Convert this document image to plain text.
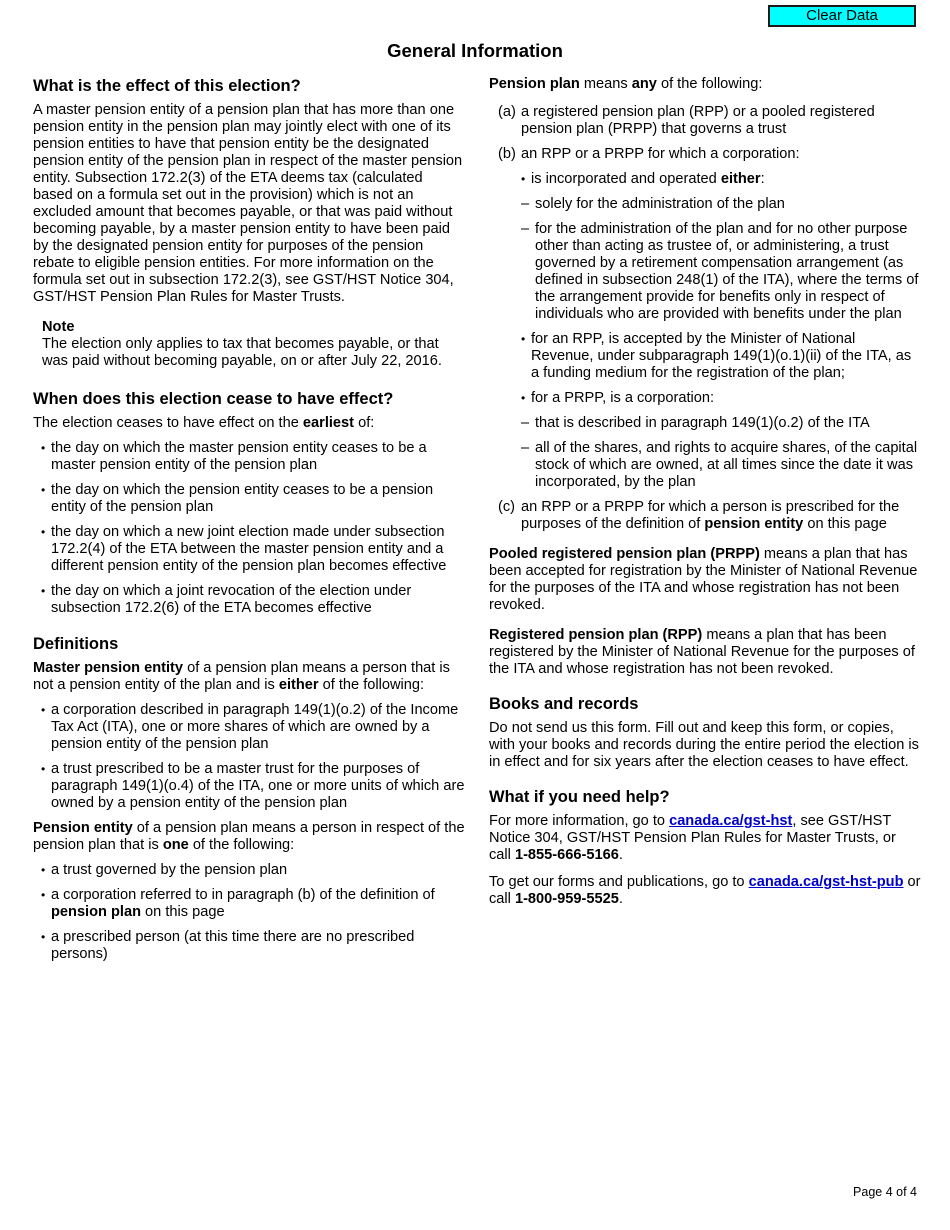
Clear Data
General Information
What is the effect of this election?

A master pension entity of a pension plan that has more than one pension entity in the pension plan may jointly elect with one of its pension entities to have that pension entity be the designated pension entity of the pension plan in respect of the master pension entity. Subsection 172.2(3) of the ETA deems tax (calculated based on a formula set out in the provision) which is not an excluded amount that becomes payable, or that was paid without becoming payable, by a master pension entity to have been paid by the designated pension entity for purposes of the pension rebate to eligible pension entities. For more information on the formula set out in subsection 172.2(3), see GST/HST Notice 304, GST/HST Pension Plan Rules for Master Trusts.

Note

The election only applies to tax that becomes payable, or that was paid without becoming payable, on or after July 22, 2016.

When does this election cease to have effect?

The election ceases to have effect on the earliest of:

• the day on which the master pension entity ceases to be a master pension entity of the pension plan
• the day on which the pension entity ceases to be a pension entity of the pension plan
• the day on which a new joint election made under subsection 172.2(4) of the ETA between the master pension entity and a different pension entity of the pension plan becomes effective
• the day on which a joint revocation of the election under subsection 172.2(6) of the ETA becomes effective
Definitions

Master pension entity of a pension plan means a person that is not a pension entity of the plan and is either of the following:

• a corporation described in paragraph 149(1)(o.2) of the Income Tax Act (ITA), one or more shares of which are owned by a pension entity of the pension plan
• a trust prescribed to be a master trust for the purposes of paragraph 149(1)(o.4) of the ITA, one or more units of which are owned by a pension entity of the pension plan

Pension entity of a pension plan means a person in respect of the pension plan that is one of the following:

• a trust governed by the pension plan
• a corporation referred to in paragraph (b) of the definition of pension plan on this page
• a prescribed person (at this time there are no prescribed persons)

Pension plan means any of the following:

(a) a registered pension plan (RPP) or a pooled registered pension plan (PRPP) that governs a trust
(b) an RPP or a PRPP for which a corporation:
• is incorporated and operated either:
– solely for the administration of the plan
– for the administration of the plan and for no other purpose other than acting as trustee of, or administering, a trust governed by a retirement compensation arrangement (as defined in subsection 248(1) of the ITA), where the terms of the arrangement provide for benefits only in respect of individuals who are provided with benefits under the plan
• for an RPP, is accepted by the Minister of National Revenue, under subparagraph 149(1)(o.1)(ii) of the ITA, as a funding medium for the registration of the plan;
• for a PRPP, is a corporation:
– that is described in paragraph 149(1)(o.2) of the ITA
– all of the shares, and rights to acquire shares, of the capital stock of which are owned, at all times since the date it was incorporated, by the plan
(c) an RPP or a PRPP for which a person is prescribed for the purposes of the definition of pension entity on this page

Pooled registered pension plan (PRPP) means a plan that has been accepted for registration by the Minister of National Revenue for the purposes of the ITA and whose registration has not been revoked.

Registered pension plan (RPP) means a plan that has been registered by the Minister of National Revenue for the purposes of the ITA and whose registration has not been revoked.

Books and records

Do not send us this form. Fill out and keep this form, or copies, with your books and records during the entire period the election is in effect and for six years after the election ceases to have effect.

What if you need help?

For more information, go to canada.ca/gst-hst, see GST/HST Notice 304, GST/HST Pension Plan Rules for Master Trusts, or call 1-855-666-5166.

To get our forms and publications, go to canada.ca/gst-hst-pub or call 1-800-959-5525.

Page 4 of 4
